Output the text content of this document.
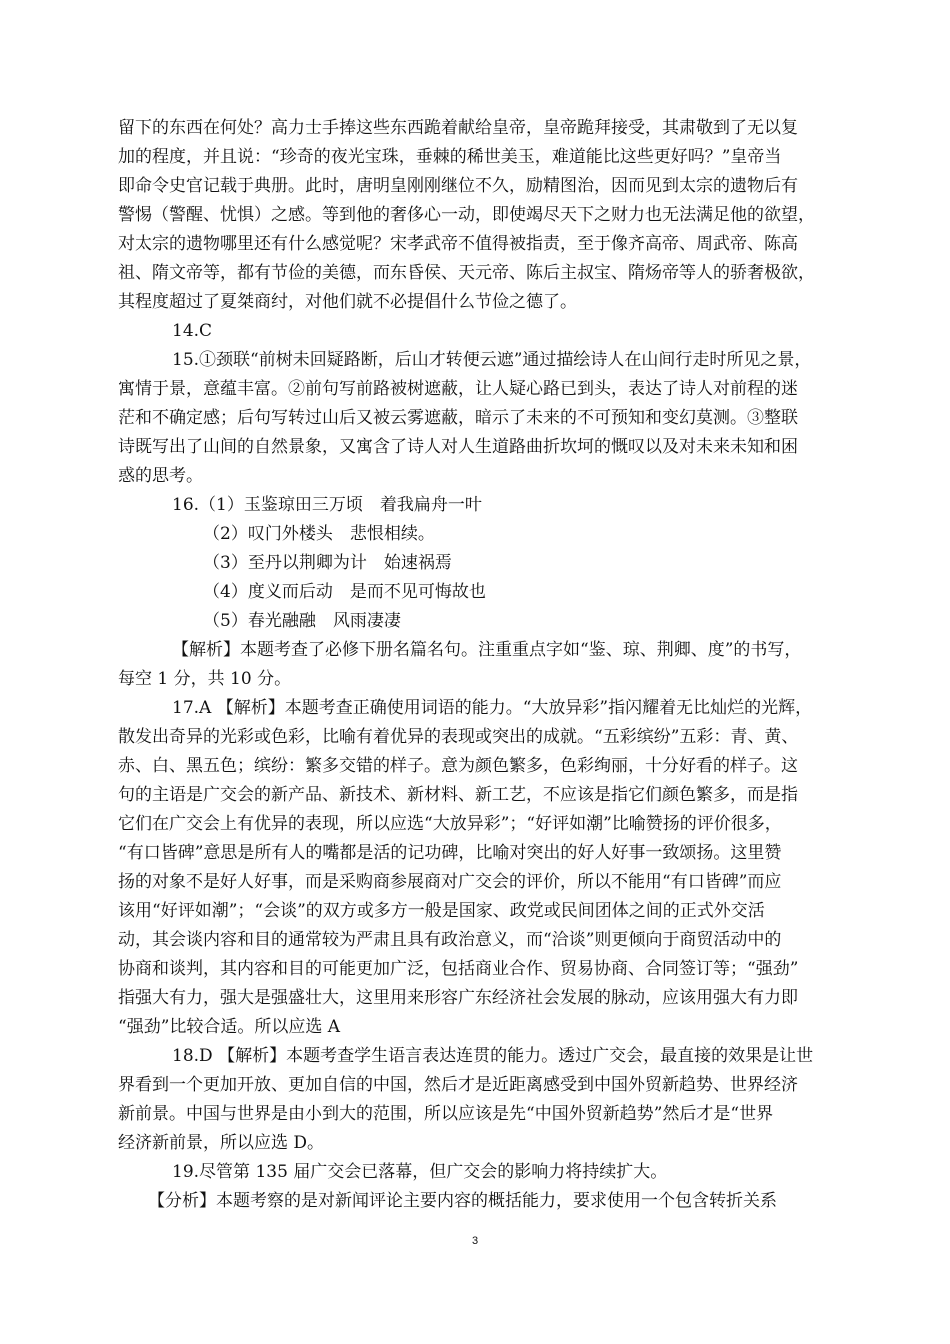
留下的东西在何处？高力士手捧这些东西跪着献给皇帝，皇帝跪拜接受，其肃敬到了无以复
加的程度，并且说：“珍奇的夜光宝珠，垂棘的稀世美玉，难道能比这些更好吗？”皇帝当
即命令史官记载于典册。此时，唐明皇刚刚继位不久，励精图治，因而见到太宗的遗物后有
警惕（警醒、忧惧）之感。等到他的奢侈心一动，即使竭尽天下之财力也无法满足他的欲望，
对太宗的遗物哪里还有什么感觉呢？宋孝武帝不值得被指责，至于像齐高帝、周武帝、陈高
祖、隋文帝等，都有节俭的美德，而东昏侯、天元帝、陈后主叔宝、隋炀帝等人的骄奢极欲，
其程度超过了夏桀商纣，对他们就不必提倡什么节俭之德了。
14.C
15.①颈联“前树未回疑路断，后山才转便云遮”通过描绘诗人在山间行走时所见之景，
寓情于景，意蕴丰富。②前句写前路被树遮蔽，让人疑心路已到头，表达了诗人对前程的迷
茫和不确定感；后句写转过山后又被云雾遮蔽，暗示了未来的不可预知和变幻莫测。③整联
诗既写出了山间的自然景象，又寓含了诗人对人生道路曲折坎坷的慨叹以及对未来未知和困
惑的思考。
16.（1）玉鉴琼田三万顷　着我扁舟一叶
（2）叹门外楼头　悲恨相续。
（3）至丹以荆卿为计　始速祸焉
（4）度义而后动　是而不见可悔故也
（5）春光融融　风雨凄凄
【解析】本题考查了必修下册名篇名句。注重重点字如“鉴、琼、荆卿、度”的书写，
每空 1 分，共 10 分。
17.A 【解析】本题考查正确使用词语的能力。“大放异彩”指闪耀着无比灿烂的光辉，
散发出奇异的光彩或色彩，比喻有着优异的表现或突出的成就。“五彩缤纷”五彩：青、黄、
赤、白、黑五色；缤纷：繁多交错的样子。意为颜色繁多，色彩绚丽，十分好看的样子。这
句的主语是广交会的新产品、新技术、新材料、新工艺，不应该是指它们颜色繁多，而是指
它们在广交会上有优异的表现，所以应选“大放异彩”；“好评如潮”比喻赞扬的评价很多，
“有口皆碑”意思是所有人的嘴都是活的记功碑，比喻对突出的好人好事一致颂扬。这里赞
扬的对象不是好人好事，而是采购商参展商对广交会的评价，所以不能用“有口皆碑”而应
该用“好评如潮”；“会谈”的双方或多方一般是国家、政党或民间团体之间的正式外交活
动，其会谈内容和目的通常较为严肃且具有政治意义，而“洽谈”则更倾向于商贸活动中的
协商和谈判，其内容和目的可能更加广泛，包括商业合作、贸易协商、合同签订等；“强劲”
指强大有力，强大是强盛壮大，这里用来形容广东经济社会发展的脉动，应该用强大有力即
“强劲”比较合适。所以应选 A
18.D 【解析】本题考查学生语言表达连贯的能力。透过广交会，最直接的效果是让世
界看到一个更加开放、更加自信的中国，然后才是近距离感受到中国外贸新趋势、世界经济
新前景。中国与世界是由小到大的范围，所以应该是先“中国外贸新趋势”然后才是“世界
经济新前景，所以应选 D。
19.尽管第 135 届广交会已落幕，但广交会的影响力将持续扩大。
【分析】本题考察的是对新闻评论主要内容的概括能力，要求使用一个包含转折关系
3
